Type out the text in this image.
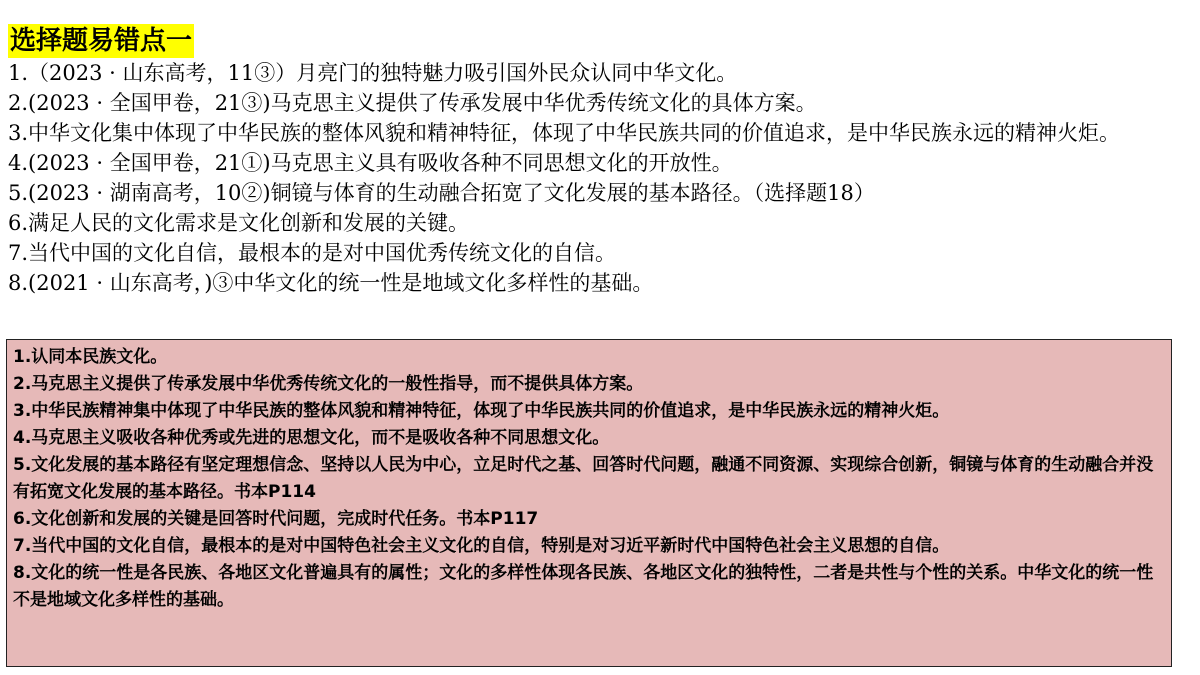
选择题易错点一
1.（2023 · 山东高考，11③）月亮门的独特魅力吸引国外民众认同中华文化。
2.(2023 · 全国甲卷，21③)马克思主义提供了传承发展中华优秀传统文化的具体方案。
3.中华文化集中体现了中华民族的整体风貌和精神特征，体现了中华民族共同的价值追求，是中华民族永远的精神火炬。
4.(2023 · 全国甲卷，21①)马克思主义具有吸收各种不同思想文化的开放性。
5.(2023 · 湖南高考，10②)铜镜与体育的生动融合拓宽了文化发展的基本路径。（选择题18）
6.满足人民的文化需求是文化创新和发展的关键。
7.当代中国的文化自信，最根本的是对中国优秀传统文化的自信。
8.(2021 · 山东高考，)③中华文化的统一性是地域文化多样性的基础。
1.认同本民族文化。
2.马克思主义提供了传承发展中华优秀传统文化的一般性指导，而不提供具体方案。
3.中华民族精神集中体现了中华民族的整体风貌和精神特征，体现了中华民族共同的价值追求，是中华民族永远的精神火炬。
4.马克思主义吸收各种优秀或先进的思想文化，而不是吸收各种不同思想文化。
5.文化发展的基本路径有坚定理想信念、坚持以人民为中心，立足时代之基、回答时代问题，融通不同资源、实现综合创新，铜镜与体育的生动融合并没有拓宽文化发展的基本路径。书本P114
6.文化创新和发展的关键是回答时代问题，完成时代任务。书本P117
7.当代中国的文化自信，最根本的是对中国特色社会主义文化的自信，特别是对习近平新时代中国特色社会主义思想的自信。
8.文化的统一性是各民族、各地区文化普遍具有的属性；文化的多样性体现各民族、各地区文化的独特性，二者是共性与个性的关系。中华文化的统一性不是地域文化多样性的基础。
